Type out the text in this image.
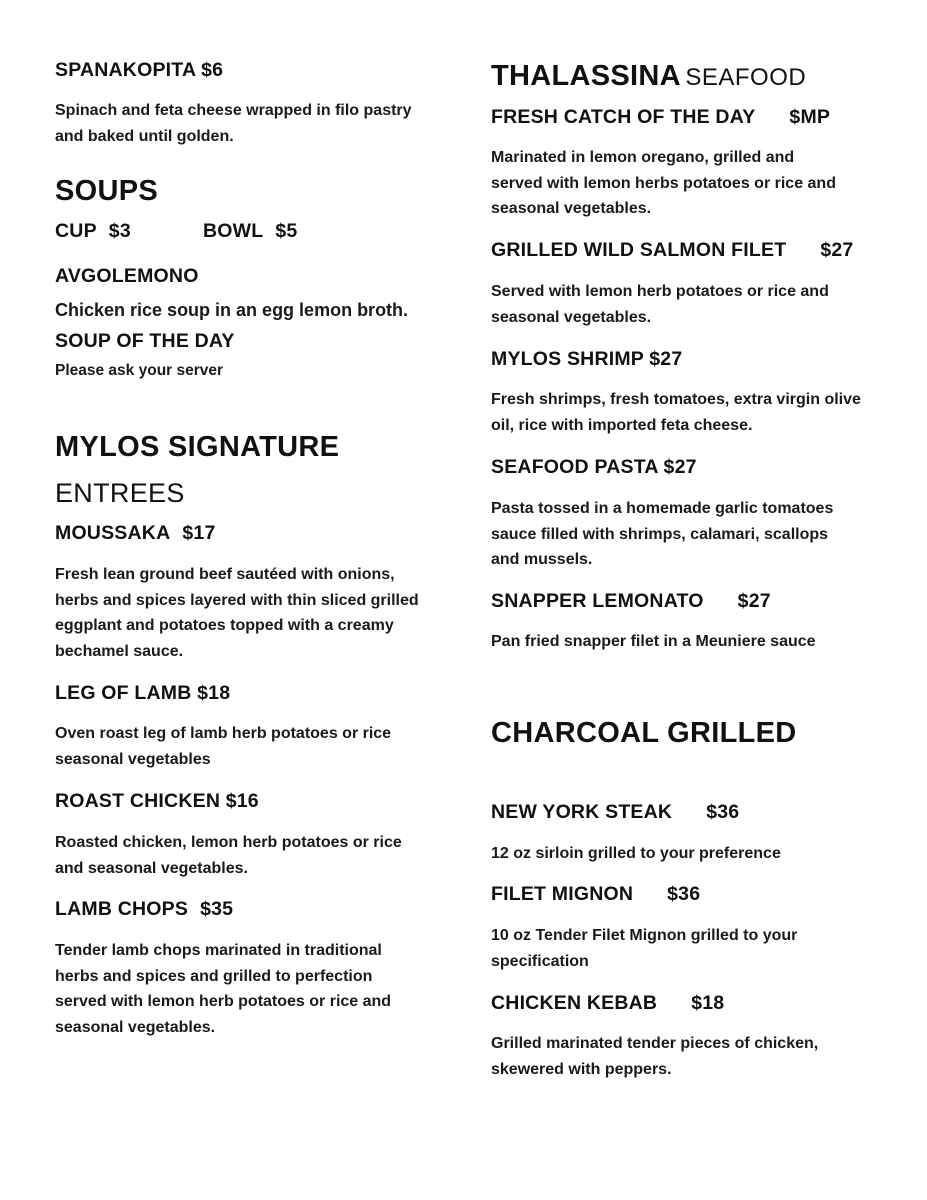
SPANAKOPITA $6
Spinach and feta cheese wrapped in filo pastry
and baked until golden.
SOUPS
CUP $3	BOWL $5
AVGOLEMONO
Chicken rice soup in an egg lemon broth.
SOUP OF THE DAY
Please ask your server
MYLOS SIGNATURE
ENTREES
MOUSSAKA $17
Fresh lean ground beef sautéed with onions,
herbs and spices layered with thin sliced grilled
eggplant and potatoes topped with a creamy
bechamel sauce.
LEG OF LAMB $18
Oven roast leg of lamb herb potatoes or rice
seasonal vegetables
ROAST CHICKEN $16
Roasted chicken, lemon herb potatoes or rice
and seasonal vegetables.
LAMB CHOPS $35
Tender lamb chops marinated in traditional
herbs and spices and grilled to perfection
served with lemon herb potatoes or rice and
seasonal vegetables.
THALASSINA SEAFOOD
FRESH CATCH OF THE DAY $MP
Marinated in lemon oregano, grilled and
served with lemon herbs potatoes or rice and
seasonal vegetables.
GRILLED WILD SALMON FILET $27
Served with lemon herb potatoes or rice and
seasonal vegetables.
MYLOS SHRIMP $27
Fresh shrimps, fresh tomatoes, extra virgin olive
oil, rice with imported feta cheese.
SEAFOOD PASTA $27
Pasta tossed in a homemade garlic tomatoes
sauce filled with shrimps, calamari, scallops
and mussels.
SNAPPER LEMONATO $27
Pan fried snapper filet in a Meuniere sauce
CHARCOAL GRILLED
NEW YORK STEAK $36
12 oz sirloin grilled to your preference
FILET MIGNON $36
10 oz Tender Filet Mignon grilled to your
specification
CHICKEN KEBAB $18
Grilled marinated tender pieces of chicken,
skewered with peppers.
